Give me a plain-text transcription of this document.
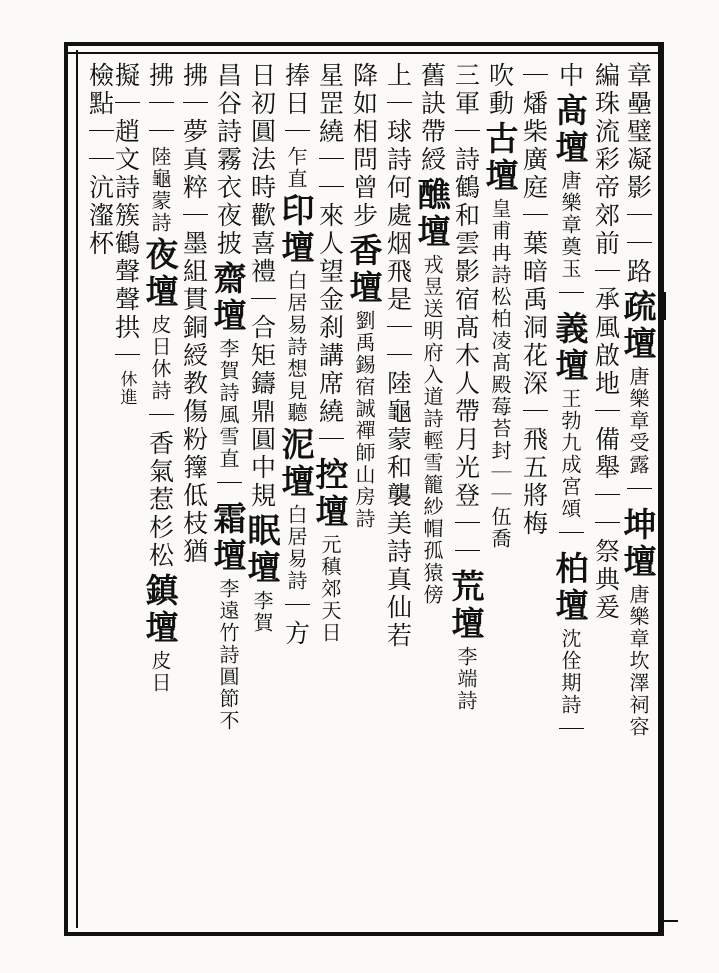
章壘璧凝影｜｜路
疏壇
唐樂章受露
｜
坤壇
唐樂章坎澤祠容
編珠流彩帝郊前
｜
承風啟地
｜
備舉｜｜祭典爰
中
髙壇
唐樂章奠玉
｜
義壇
王勃九成宮頌
｜
柏壇
沈佺期詩
｜
｜
燔柴廣庭
｜
葉暗禹洞花深
｜
飛五將梅
吹動
古壇
皇甫冉詩松柏凌髙殿莓苔封｜｜伍喬
三軍
｜
詩鶴和雲影宿髙木人帶月光登｜｜
荒壇
李端詩
舊訣帶綬
醮壇
戎昱送明府入道詩輕雪籠紗帽孤猿傍
上
｜
球詩何處烟飛是｜｜陸龜蒙和襲美詩真仙若
降如相問曾步
香壇
劉禹錫宿誠禪師山房詩
星罡繞｜｜
來人望金刹講席繞
｜
控壇
元稹郊天日
捧日
｜
乍直
印壇
白居易詩想見聽
泥壇
白居易詩
｜
方
日初圓
法時歡喜禮
｜
合矩鑄鼎圓中規
眠壇
李賀
昌谷詩霧衣夜披
齋壇
李賀詩風雪直
｜
霜壇
李遠竹詩圓節不
拂
｜
夢真粹
｜
墨組貫銅綬
教傷粉籜低枝猶
拂｜｜
陸龜蒙詩
夜壇
皮日休詩
｜
香氣惹杉松
鎮壇
皮日
擬
｜
趙文詩簇鶴聲聲拱
｜
休進
檢點｜｜
沆瀣杯
